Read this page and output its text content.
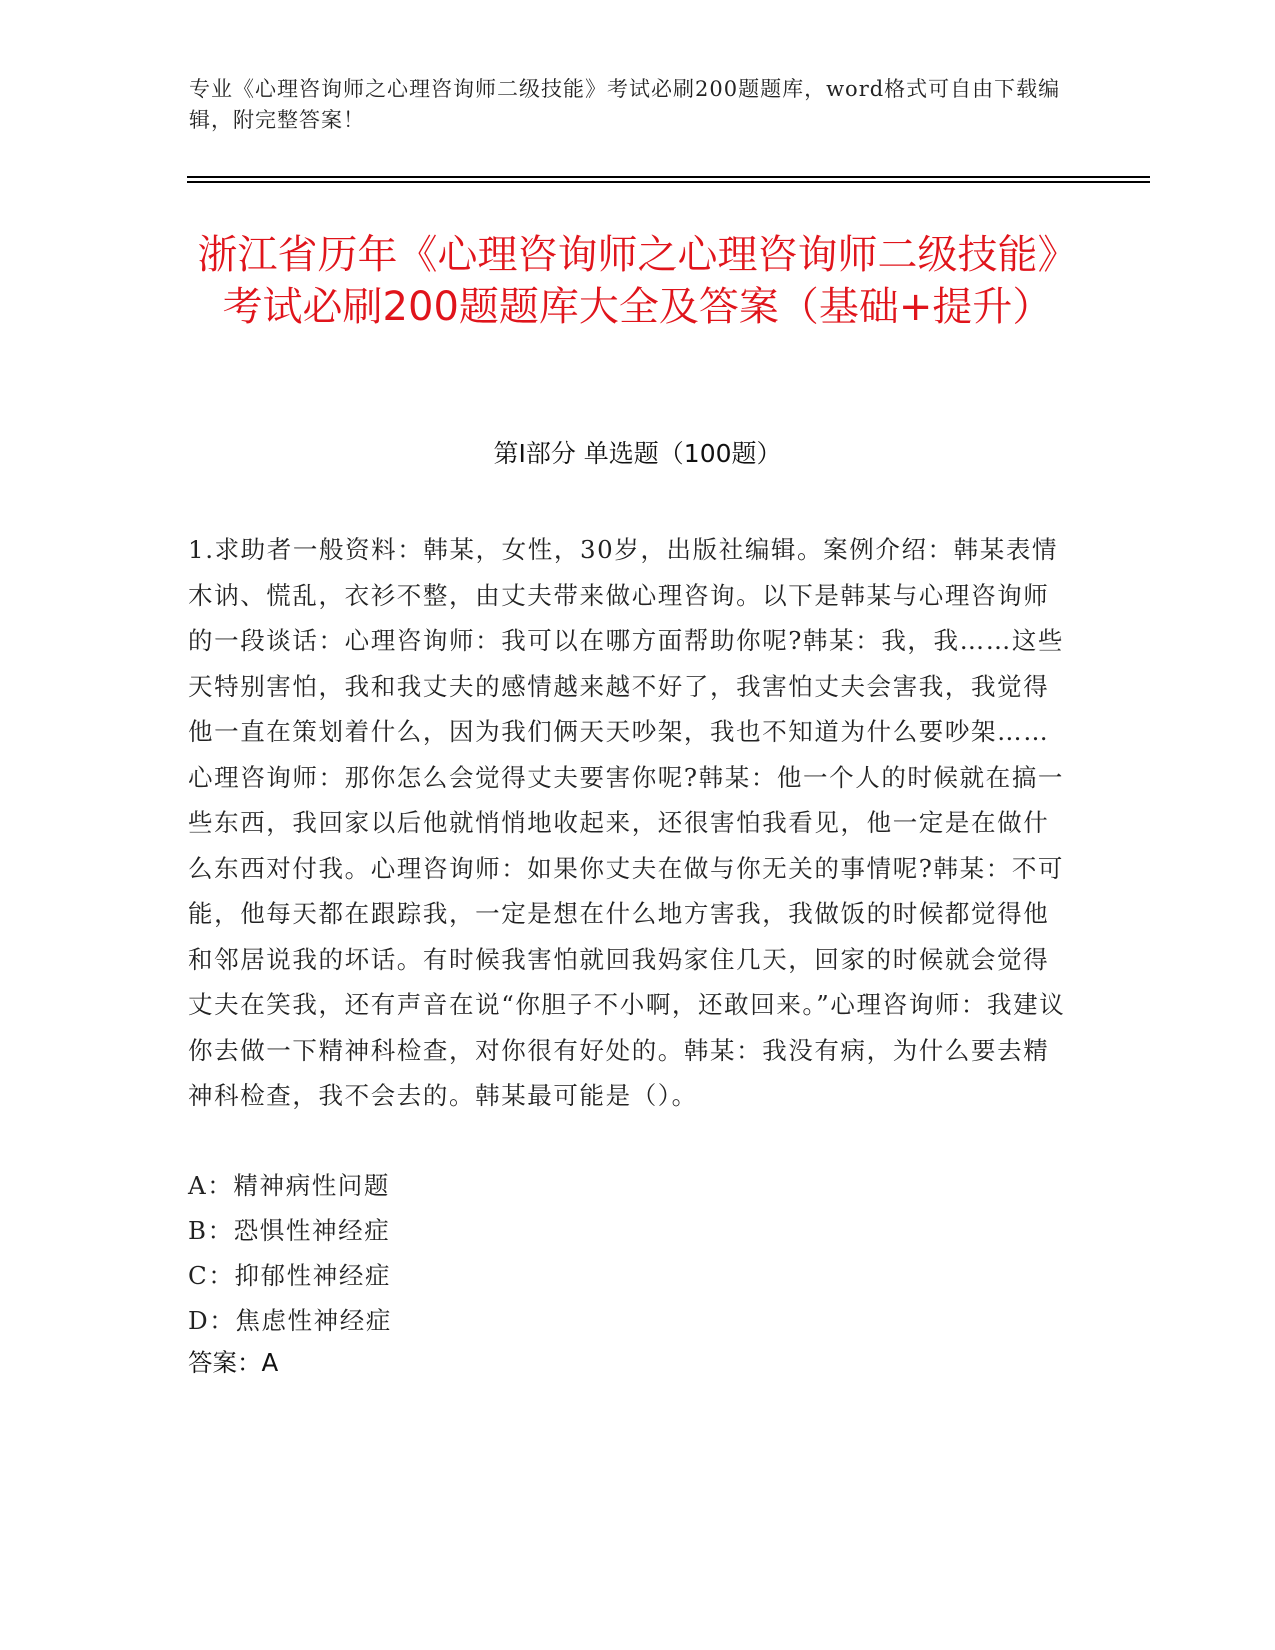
专业《心理咨询师之心理咨询师二级技能》考试必刷200题题库，word格式可自由下载编辑，附完整答案！
浙江省历年《心理咨询师之心理咨询师二级技能》考试必刷200题题库大全及答案（基础+提升）
第I部分 单选题（100题）
1.求助者一般资料：韩某，女性，30岁，出版社编辑。案例介绍：韩某表情木讷、慌乱，衣衫不整，由丈夫带来做心理咨询。以下是韩某与心理咨询师的一段谈话：心理咨询师：我可以在哪方面帮助你呢?韩某：我，我……这些天特别害怕，我和我丈夫的感情越来越不好了，我害怕丈夫会害我，我觉得他一直在策划着什么，因为我们俩天天吵架，我也不知道为什么要吵架……心理咨询师：那你怎么会觉得丈夫要害你呢?韩某：他一个人的时候就在搞一些东西，我回家以后他就悄悄地收起来，还很害怕我看见，他一定是在做什么东西对付我。心理咨询师：如果你丈夫在做与你无关的事情呢?韩某：不可能，他每天都在跟踪我，一定是想在什么地方害我，我做饭的时候都觉得他和邻居说我的坏话。有时候我害怕就回我妈家住几天，回家的时候就会觉得丈夫在笑我，还有声音在说“你胆子不小啊，还敢回来。”心理咨询师：我建议你去做一下精神科检查，对你很有好处的。韩某：我没有病，为什么要去精神科检查，我不会去的。韩某最可能是（）。
A：精神病性问题
B：恐惧性神经症
C：抑郁性神经症
D：焦虑性神经症
答案：A
